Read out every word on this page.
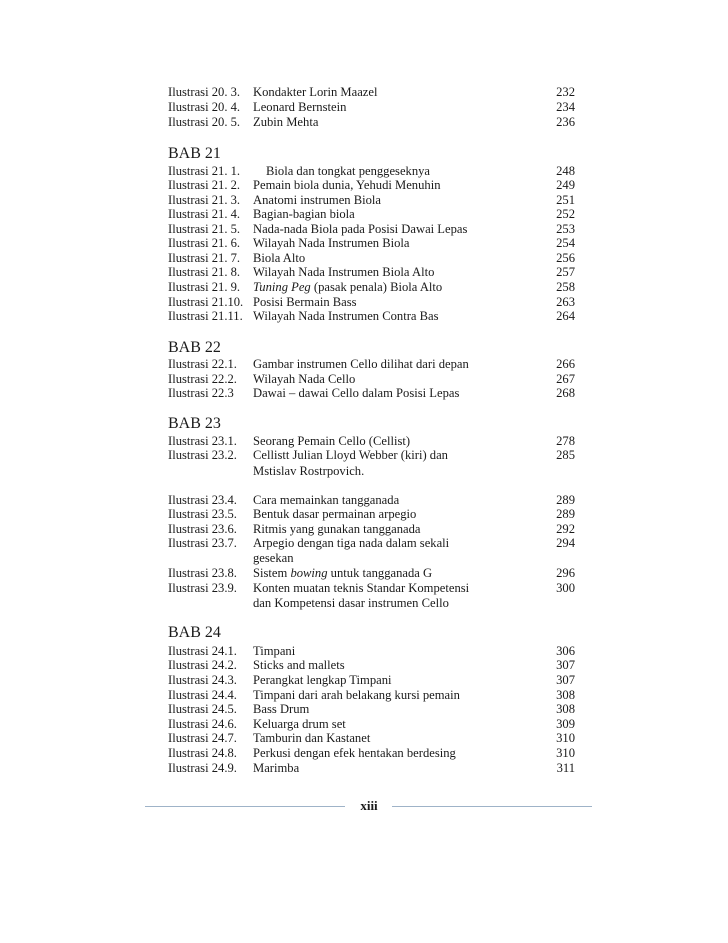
Ilustrasi 20. 3. Kondakter Lorin Maazel	232
Ilustrasi 20. 4. Leonard Bernstein	234
Ilustrasi 20. 5. Zubin Mehta	236
BAB 21
Ilustrasi 21. 1. Biola dan tongkat penggeseknya	248
Ilustrasi 21. 2. Pemain biola dunia, Yehudi Menuhin	249
Ilustrasi 21. 3. Anatomi instrumen Biola	251
Ilustrasi 21. 4. Bagian-bagian biola	252
Ilustrasi 21. 5. Nada-nada Biola pada Posisi Dawai Lepas	253
Ilustrasi 21. 6. Wilayah Nada Instrumen Biola	254
Ilustrasi 21. 7. Biola Alto	256
Ilustrasi 21. 8. Wilayah Nada Instrumen Biola Alto	257
Ilustrasi 21. 9. Tuning Peg (pasak penala) Biola Alto	258
Ilustrasi 21.10. Posisi Bermain Bass	263
Ilustrasi 21.11. Wilayah Nada Instrumen Contra Bas	264
BAB 22
Ilustrasi 22.1. Gambar instrumen Cello dilihat dari depan	266
Ilustrasi 22.2. Wilayah Nada Cello	267
Ilustrasi 22.3 Dawai – dawai Cello dalam Posisi Lepas	268
BAB 23
Ilustrasi 23.1. Seorang Pemain Cello (Cellist)	278
Ilustrasi 23.2. Cellistt Julian Lloyd Webber (kiri) dan	285
Mstislav Rostrpovich.
Ilustrasi 23.4. Cara memainkan tangganada	289
Ilustrasi 23.5. Bentuk dasar permainan arpegio	289
Ilustrasi 23.6. Ritmis yang gunakan tangganada	292
Ilustrasi 23.7. Arpegio dengan tiga nada dalam sekali	294
gesekan
Ilustrasi 23.8. Sistem bowing untuk tangganada G	296
Ilustrasi 23.9. Konten muatan teknis Standar Kompetensi	300
dan Kompetensi dasar instrumen Cello
BAB 24
Ilustrasi 24.1. Timpani	306
Ilustrasi 24.2. Sticks and mallets	307
Ilustrasi 24.3. Perangkat lengkap Timpani	307
Ilustrasi 24.4. Timpani dari arah belakang kursi pemain	308
Ilustrasi 24.5. Bass Drum	308
Ilustrasi 24.6. Keluarga drum set	309
Ilustrasi 24.7. Tamburin dan Kastanet	310
Ilustrasi 24.8. Perkusi dengan efek hentakan berdesing	310
Ilustrasi 24.9. Marimba	311
xiii
